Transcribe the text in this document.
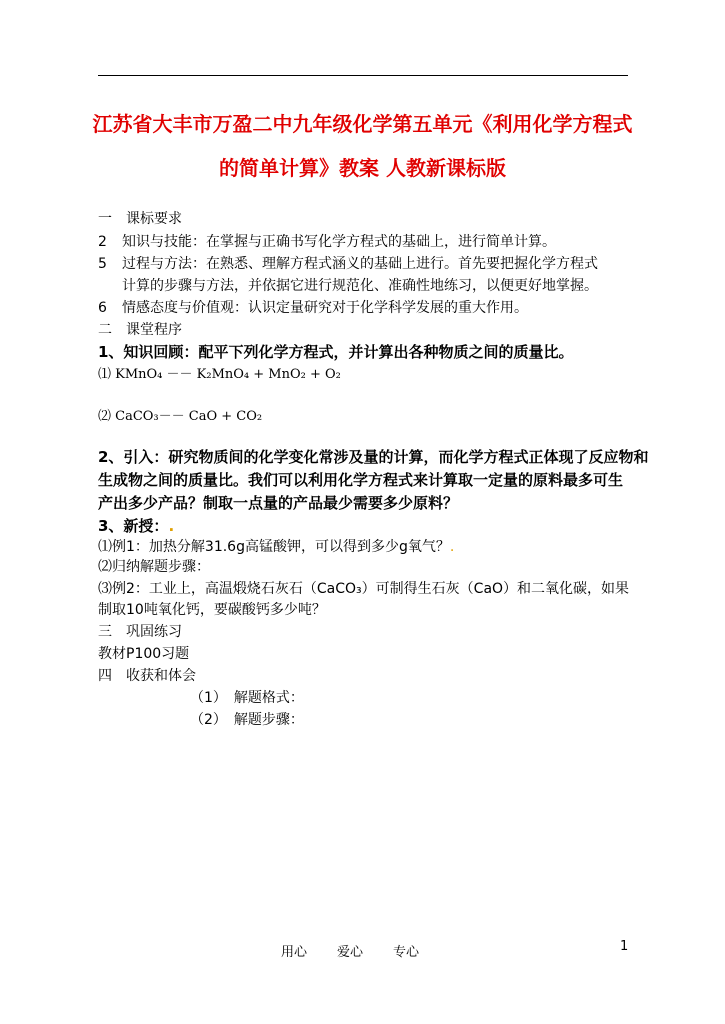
江苏省大丰市万盈二中九年级化学第五单元《利用化学方程式
的简单计算》教案 人教新课标版
一　课标要求
2 知识与技能：在掌握与正确书写化学方程式的基础上，进行简单计算。
5 过程与方法：在熟悉、理解方程式涵义的基础上进行。首先要把握化学方程式
计算的步骤与方法，并依据它进行规范化、准确性地练习，以便更好地掌握。
6 情感态度与价值观：认识定量研究对于化学科学发展的重大作用。
二　课堂程序
1、知识回顾：配平下列化学方程式，并计算出各种物质之间的质量比。
⑴ KMnO₄ －－ K₂MnO₄ + MnO₂ + O₂
⑵ CaCO₃－－ CaO + CO₂
2、引入：研究物质间的化学变化常涉及量的计算，而化学方程式正体现了反应物和
生成物之间的质量比。我们可以利用化学方程式来计算取一定量的原料最多可生
产出多少产品？制取一点量的产品最少需要多少原料？
3、新授：.
⑴例1：加热分解31.6g高锰酸钾，可以得到多少g氧气？.
⑵归纳解题步骤：
⑶例2：工业上，高温煅烧石灰石（CaCO₃）可制得生石灰（CaO）和二氧化碳，如果
制取10吨氧化钙，要碳酸钙多少吨？
三　巩固练习
教材P100习题
四　收获和体会
（1）　解题格式：
（2）　解题步骤：
用心 爱心 专心	1
